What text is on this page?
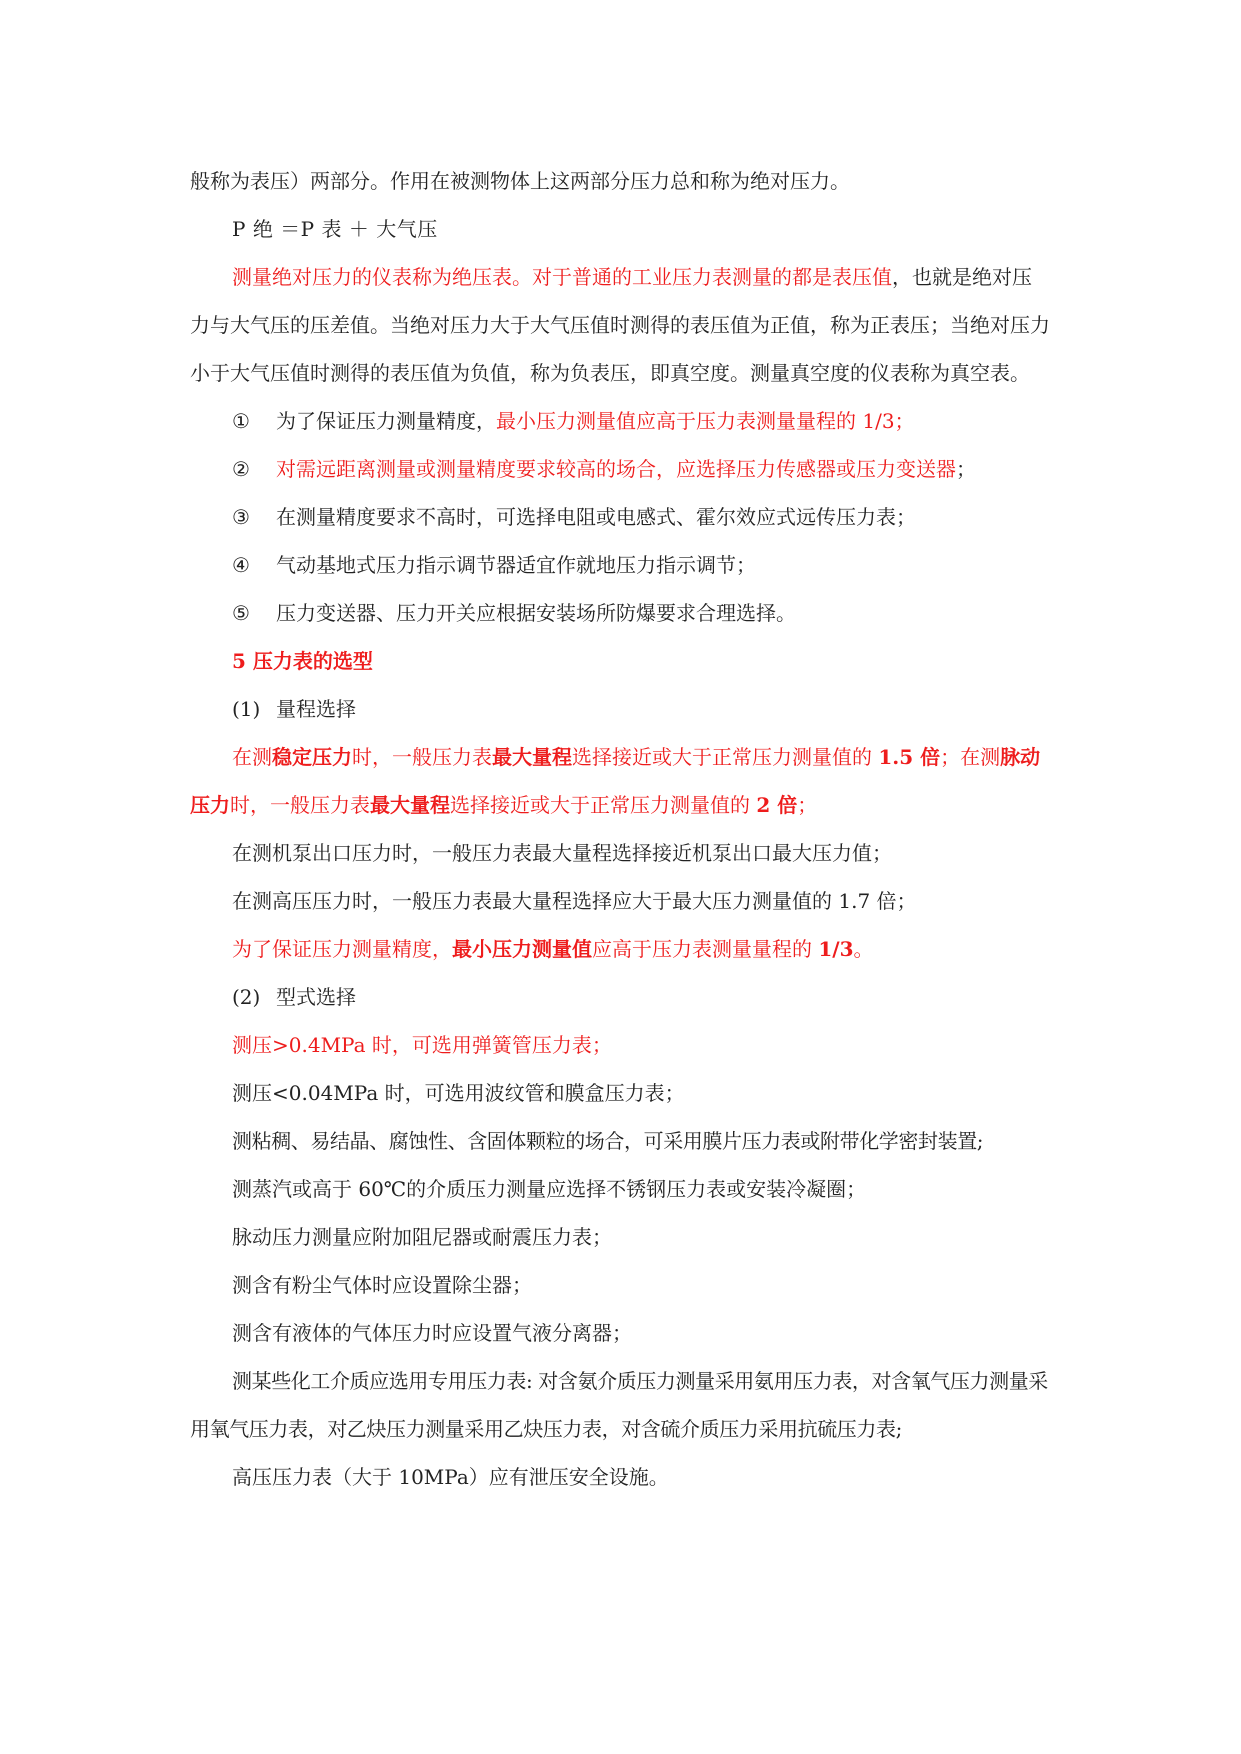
般称为表压）两部分。作用在被测物体上这两部分压力总和称为绝对压力。

P 绝 ＝P 表 ＋ 大气压

测量绝对压力的仪表称为绝压表。对于普通的工业压力表测量的都是表压值，也就是绝对压力与大气压的压差值。当绝对压力大于大气压值时测得的表压值为正值，称为正表压；当绝对压力小于大气压值时测得的表压值为负值，称为负表压，即真空度。测量真空度的仪表称为真空表。

①	为了保证压力测量精度，最小压力测量值应高于压力表测量量程的 1/3；

②	对需远距离测量或测量精度要求较高的场合，应选择压力传感器或压力变送器；

③	在测量精度要求不高时，可选择电阻或电感式、霍尔效应式远传压力表；

④	气动基地式压力指示调节器适宜作就地压力指示调节；

⑤	压力变送器、压力开关应根据安装场所防爆要求合理选择。

5 压力表的选型

(1) 量程选择

在测稳定压力时，一般压力表最大量程选择接近或大于正常压力测量值的 1.5 倍；在测脉动压力时，一般压力表最大量程选择接近或大于正常压力测量值的 2 倍；

在测机泵出口压力时，一般压力表最大量程选择接近机泵出口最大压力值；

在测高压压力时，一般压力表最大量程选择应大于最大压力测量值的 1.7 倍；

为了保证压力测量精度，最小压力测量值应高于压力表测量量程的 1/3。

(2) 型式选择

测压>0.4MPa 时，可选用弹簧管压力表；

测压<0.04MPa 时，可选用波纹管和膜盒压力表；

测粘稠、易结晶、腐蚀性、含固体颗粒的场合，可采用膜片压力表或附带化学密封装置;

测蒸汽或高于 60℃的介质压力测量应选择不锈钢压力表或安装冷凝圈；

脉动压力测量应附加阻尼器或耐震压力表；

测含有粉尘气体时应设置除尘器；

测含有液体的气体压力时应设置气液分离器；

测某些化工介质应选用专用压力表: 对含氨介质压力测量采用氨用压力表，对含氧气压力测量采用氧气压力表，对乙炔压力测量采用乙炔压力表，对含硫介质压力采用抗硫压力表;

高压压力表（大于 10MPa）应有泄压安全设施。
